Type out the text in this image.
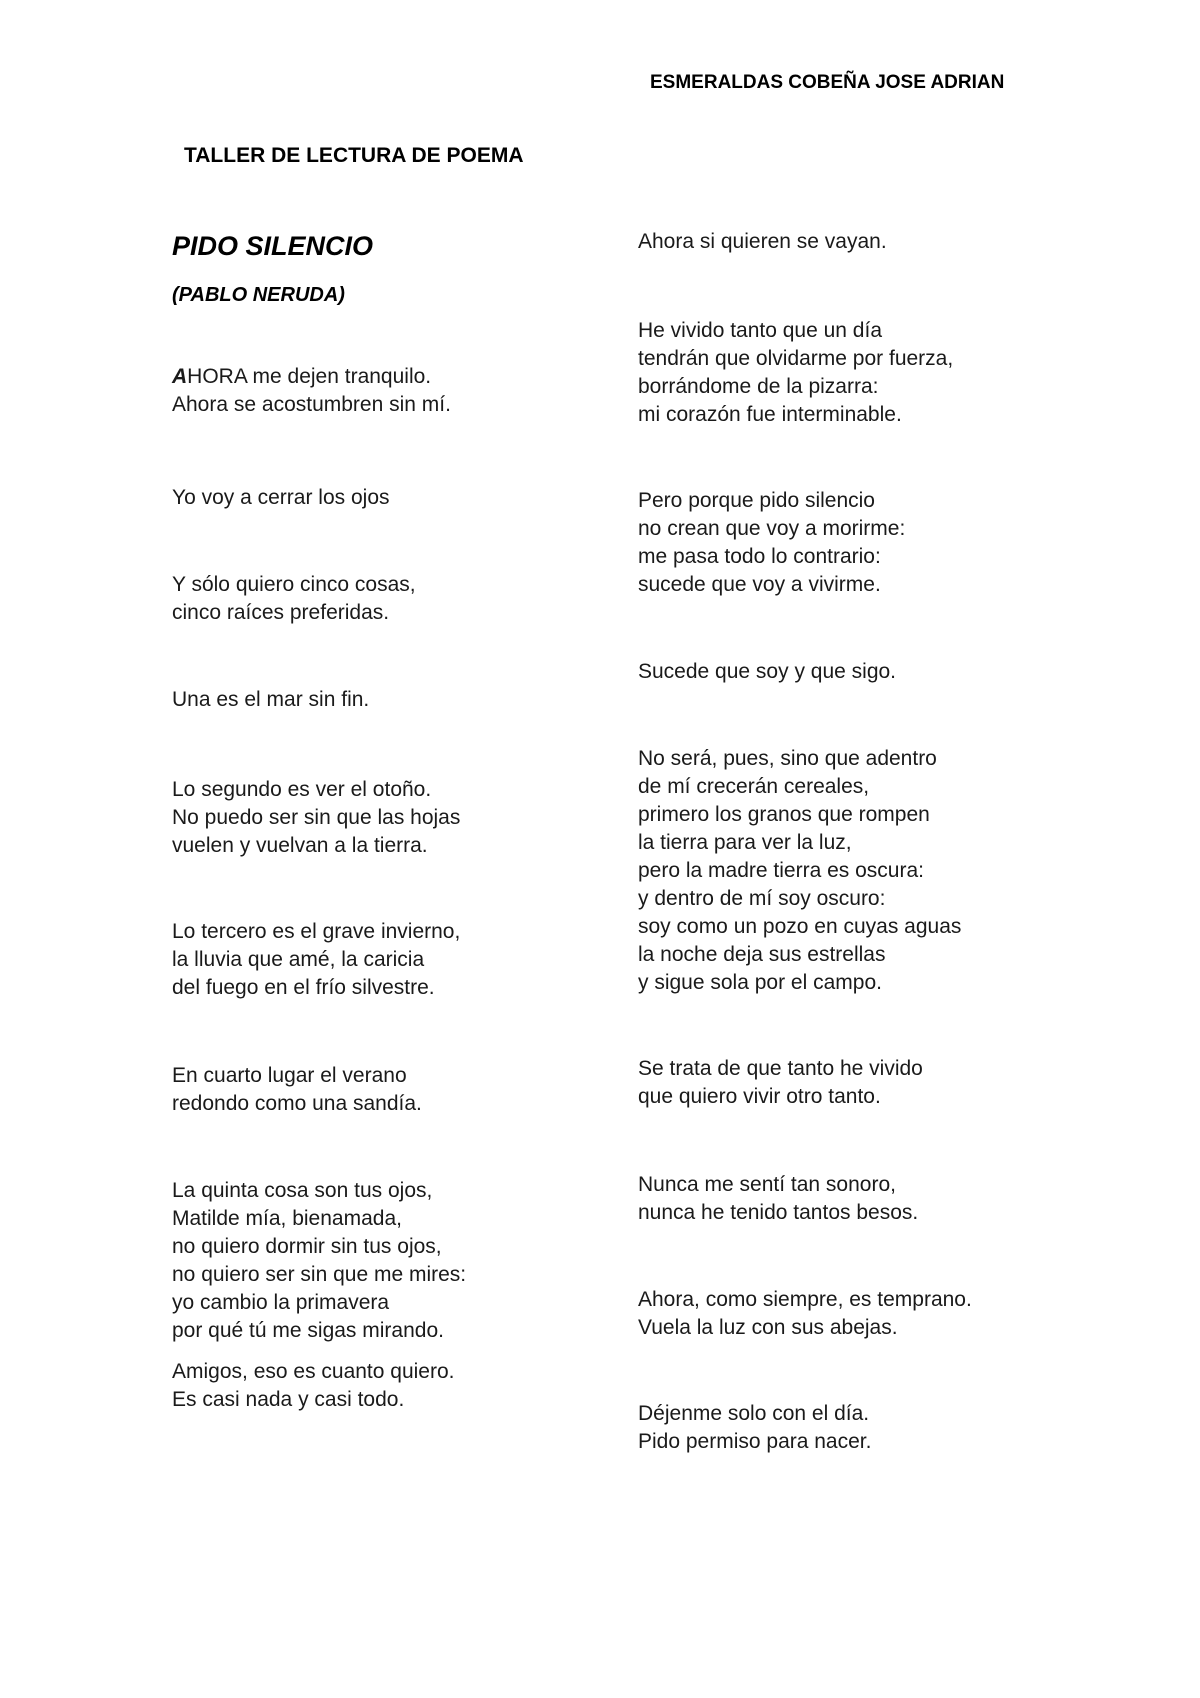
ESMERALDAS COBEÑA JOSE ADRIAN
TALLER DE LECTURA DE POEMA
PIDO SILENCIO
(PABLO NERUDA)

AHORA me dejen tranquilo.
Ahora se acostumbren sin mí.

Yo voy a cerrar los ojos

Y sólo quiero cinco cosas,
cinco raíces preferidas.

Una es el mar sin fin.

Lo segundo es ver el otoño.
No puedo ser sin que las hojas
vuelen y vuelvan a la tierra.

Lo tercero es el grave invierno,
la lluvia que amé, la caricia
del fuego en el frío silvestre.

En cuarto lugar el verano
redondo como una sandía.

La quinta cosa son tus ojos,
Matilde mía, bienamada,
no quiero dormir sin tus ojos,
no quiero ser sin que me mires:
yo cambio la primavera
por qué tú me sigas mirando.

Amigos, eso es cuanto quiero.
Es casi nada y casi todo.

Ahora si quieren se vayan.

He vivido tanto que un día
tendrán que olvidarme por fuerza,
borrándome de la pizarra:
mi corazón fue interminable.

Pero porque pido silencio
no crean que voy a morirme:
me pasa todo lo contrario:
sucede que voy a vivirme.

Sucede que soy y que sigo.

No será, pues, sino que adentro
de mí crecerán cereales,
primero los granos que rompen
la tierra para ver la luz,
pero la madre tierra es oscura:
y dentro de mí soy oscuro:
soy como un pozo en cuyas aguas
la noche deja sus estrellas
y sigue sola por el campo.

Se trata de que tanto he vivido
que quiero vivir otro tanto.

Nunca me sentí tan sonoro,
nunca he tenido tantos besos.

Ahora, como siempre, es temprano.
Vuela la luz con sus abejas.

Déjenme solo con el día.
Pido permiso para nacer.
